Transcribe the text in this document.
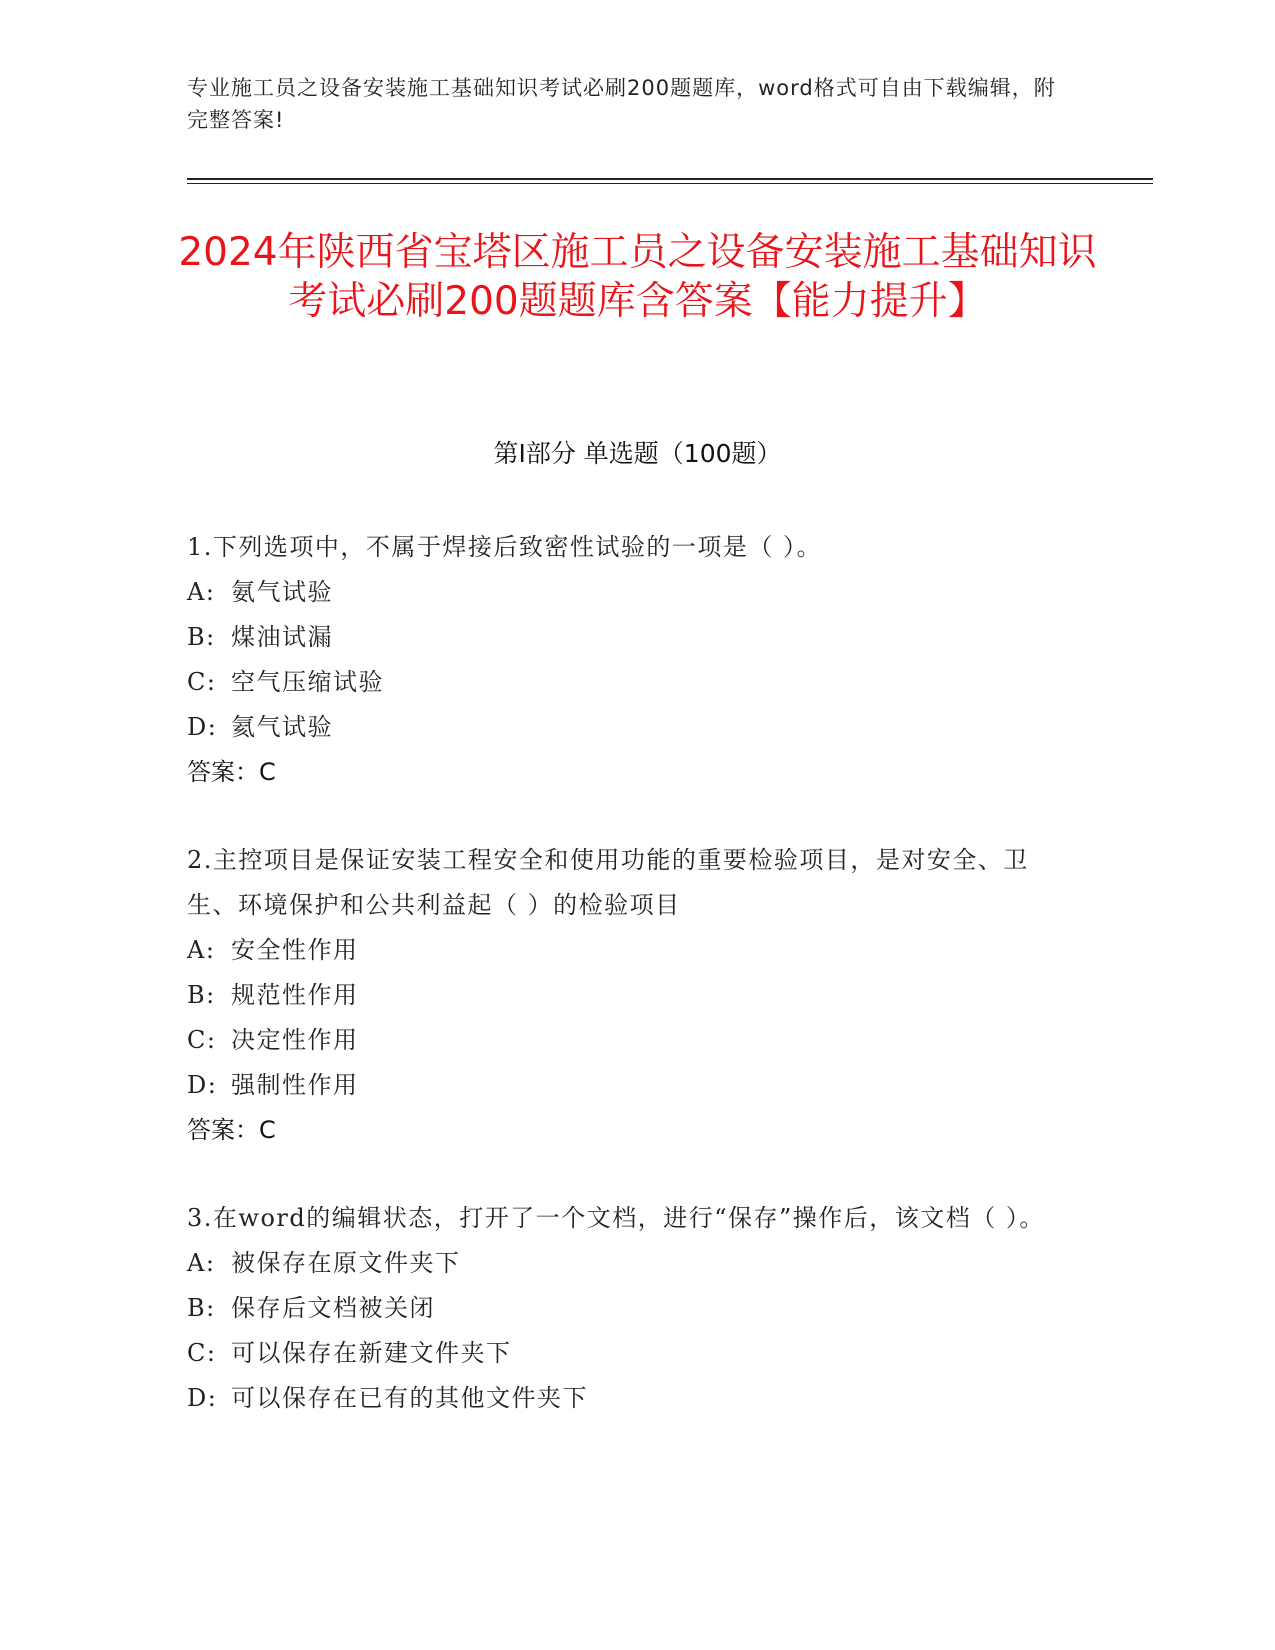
专业施工员之设备安装施工基础知识考试必刷200题题库，word格式可自由下载编辑，附完整答案!
2024年陕西省宝塔区施工员之设备安装施工基础知识考试必刷200题题库含答案【能力提升】
第I部分 单选题（100题）
1.下列选项中，不属于焊接后致密性试验的一项是（ ）。
A: 氨气试验
B: 煤油试漏
C: 空气压缩试验
D: 氦气试验
答案：C
2.主控项目是保证安装工程安全和使用功能的重要检验项目，是对安全、卫生、环境保护和公共利益起（ ）的检验项目
A: 安全性作用
B: 规范性作用
C: 决定性作用
D: 强制性作用
答案：C
3.在word的编辑状态，打开了一个文档，进行“保存”操作后，该文档（ ）。
A: 被保存在原文件夹下
B: 保存后文档被关闭
C: 可以保存在新建文件夹下
D: 可以保存在已有的其他文件夹下
